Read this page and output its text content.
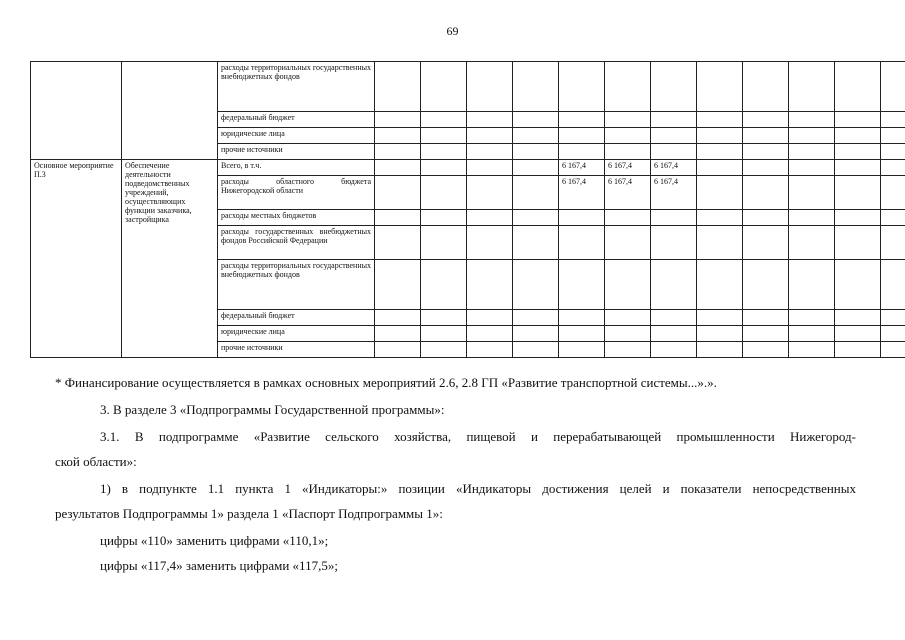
69
		расходы территориальных государственных внебюджетных фондов												
		федеральный бюджет												
		юридические лица												
		прочие источники												
Основное мероприятие П.3	Обеспечение деятельности подведомственных учреждений, осуществляющих функции заказчика, застройщика	Всего, в т.ч.					6 167,4	6 167,4	6 167,4					
		расходы областного бюджета Нижегородской области					6 167,4	6 167,4	6 167,4					
		расходы местных бюджетов												
		расходы государственных внебюджетных фондов Российской Федерации												
		расходы территориальных государственных внебюджетных фондов												
		федеральный бюджет												
		юридические лица												
		прочие источники												
* Финансирование осуществляется в рамках основных мероприятий 2.6, 2.8 ГП «Развитие транспортной системы...».».
3. В разделе 3 «Подпрограммы Государственной программы»:
3.1. В подпрограмме «Развитие сельского хозяйства, пищевой и перерабатывающей промышленности Нижегород-
ской области»:
1) в подпункте 1.1 пункта 1 «Индикаторы:» позиции «Индикаторы достижения целей и показатели непосредственных
результатов Подпрограммы 1» раздела 1 «Паспорт Подпрограммы 1»:
цифры «110» заменить цифрами «110,1»;
цифры «117,4» заменить цифрами «117,5»;
